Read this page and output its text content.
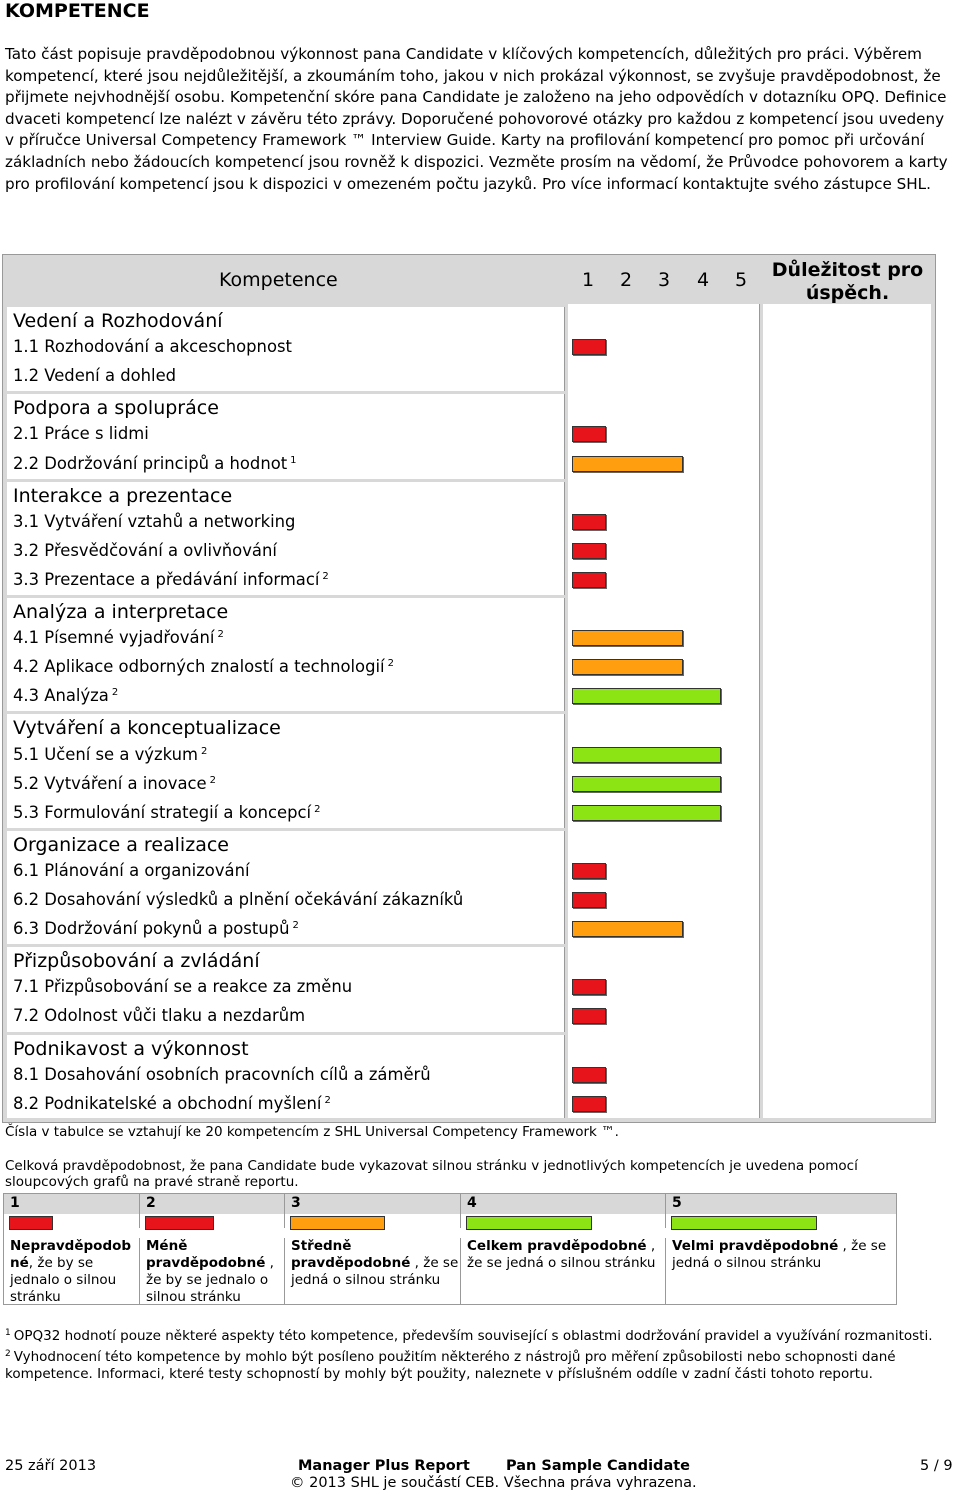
KOMPETENCE
Tato část popisuje pravděpodobnou výkonnost pana Candidate v klíčových kompetencích, důležitých pro práci. Výběrem kompetencí, které jsou nejdůležitější, a zkoumáním toho, jakou v nich prokázal výkonnost, se zvyšuje pravděpodobnost, že přijmete nejvhodnější osobu. Kompetenční skóre pana Candidate je založeno na jeho odpovědích v dotazníku OPQ. Definice dvaceti kompetencí lze nalézt v závěru této zprávy. Doporučené pohovorové otázky pro každou z kompetencí jsou uvedeny v příručce Universal Competency Framework ™ Interview Guide. Karty na profilování kompetencí pro pomoc při určování základních nebo žádoucích kompetencí jsou rovněž k dispozici. Vezměte prosím na vědomí, že Průvodce pohovorem a karty pro profilování kompetencí jsou k dispozici v omezeném počtu jazyků. Pro více informací kontaktujte svého zástupce SHL.
Kompetence	1 2 3 4 5	Důležitost pro úspěch.
Vedení a Rozhodování
1.1 Rozhodování a akceschopnost
1.2 Vedení a dohled
Podpora a spolupráce
2.1 Práce s lidmi
2.2 Dodržování principů a hodnot $^1$
Interakce a prezentace
3.1 Vytváření vztahů a networking
3.2 Přesvědčování a ovlivňování
3.3 Prezentace a předávání informací $^2$
Analýza a interpretace
4.1 Písemné vyjadřování $^2$
4.2 Aplikace odborných znalostí a technologií $^2$
4.3 Analýza $^2$
Vytváření a konceptualizace
5.1 Učení se a výzkum $^2$
5.2 Vytváření a inovace $^2$
5.3 Formulování strategií a koncepcí $^2$
Organizace a realizace
6.1 Plánování a organizování
6.2 Dosahování výsledků a plnění očekávání zákazníků
6.3 Dodržování pokynů a postupů $^2$
Přizpůsobování a zvládání
7.1 Přizpůsobování se a reakce za změnu
7.2 Odolnost vůči tlaku a nezdarům
Podnikavost a výkonnost
8.1 Dosahování osobních pracovních cílů a záměrů
8.2 Podnikatelské a obchodní myšlení $^2$
Čísla v tabulce se vztahují ke 20 kompetencím z SHL Universal Competency Framework ™.
Celková pravděpodobnost, že pana Candidate bude vykazovat silnou stránku v jednotlivých kompetencích je uvedena pomocí sloupcových grafů na pravé straně reportu.
1
Nepravděpodob né, že by se jednalo o silnou stránku
2
Méně pravděpodobné , že by se jednalo o silnou stránku
3
Středně pravděpodobné , že se jedná o silnou stránku
4
Celkem pravděpodobné , že se jedná o silnou stránku
5
Velmi pravděpodobné , že se jedná o silnou stránku
$^1$ OPQ32 hodnotí pouze některé aspekty této kompetence, především související s oblastmi dodržování pravidel a využívání rozmanitosti.
$^2$ Vyhodnocení této kompetence by mohlo být posíleno použitím některého z nástrojů pro měření způsobilosti nebo schopnosti dané kompetence. Informaci, které testy schopností by mohly být použity, naleznete v příslušném oddíle v zadní části tohoto reportu.
25 září 2013	Manager Plus Report Pan Sample Candidate	5 / 9
© 2013 SHL je součástí CEB. Všechna práva vyhrazena.
